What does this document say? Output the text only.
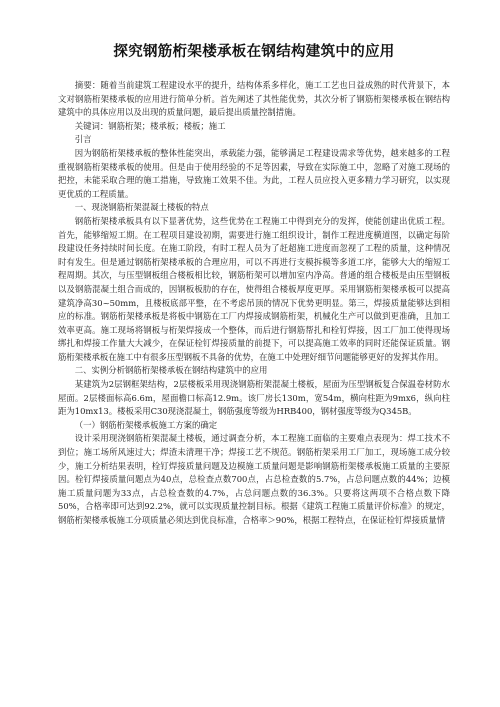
探究钢筋桁架楼承板在钢结构建筑中的应用

摘要：随着当前建筑工程建设水平的提升，结构体系多样化，施工工艺也日益成熟的时代背景下，本文对钢筋桁架楼承板的应用进行简单分析。首先阐述了其性能优势，其次分析了钢筋桁架楼承板在钢结构建筑中的具体应用以及出现的质量问题，最后提出质量控制措施。

关键词：钢筋桁架；楼承板；楼板；施工

引言

因为钢筋桁架楼承板的整体性能突出，承载能力强，能够满足工程建设需求等优势，越来越多的工程重视钢筋桁架楼承板的使用。但是由于使用经验的不足等因素，导致在实际施工中，忽略了对施工现场的把控，未能采取合理的施工措施，导致施工效果不佳。为此，工程人员应投入更多精力学习研究，以实现更优质的工程质量。

一、现浇钢筋桁架混凝土楼板的特点

钢筋桁架楼承板具有以下显著优势，这些优势在工程施工中得到充分的发挥，使能创建出优质工程。首先，能够缩短工期。在工程项目建设初期，需要进行施工组织设计，制作工程进度横道图，以确定每阶段建设任务持续时间长度。在施工阶段，有时工程人员为了赶超施工进度而忽视了工程的质量，这种情况时有发生。但是通过钢筋桁架楼承板的合理应用，可以不再进行支模拆模等多道工序，能够大大的缩短工程周期。其次，与压型钢板组合楼板相比较，钢筋桁架可以增加室内净高。普通的组合楼板是由压型钢板以及钢筋混凝土组合而成的，因钢板板肋的存在，使得组合楼板厚度更厚。采用钢筋桁架楼承板可以提高建筑净高30~50mm，且楼板底部平整，在不考虑吊顶的情况下优势更明显。第三，焊接质量能够达到相应的标准。钢筋桁架楼承板是将板中钢筋在工厂内焊接成钢筋桁架，机械化生产可以做到更准确，且加工效率更高。施工现场将钢板与桁架焊接成一个整体，而后进行钢筋帮扎和栓钉焊接，因工厂加工使得现场绑扎和焊接工作量大大减少，在保证栓钉焊接质量的前提下，可以提高施工效率的同时还能保证质量。钢筋桁架楼承板在施工中有很多压型钢板不具备的优势，在施工中处理好细节问题能够更好的发挥其作用。

二、实例分析钢筋桁架楼承板在钢结构建筑中的应用

某建筑为2层钢框架结构，2层楼板采用现浇钢筋桁架混凝土楼板，屋面为压型钢板复合保温卷材防水屋面。2层楼面标高6.6m，屋面檐口标高12.9m。该厂房长130m，宽54m，横向柱距为9mx6，纵向柱距为10mx13。楼板采用C30现浇混凝土，钢筋强度等级为HRB400，钢材强度等级为Q345B。

（一）钢筋桁架楼承板施工方案的确定

设计采用现浇钢筋桁架混凝土楼板，通过调查分析，本工程施工面临的主要难点表现为：焊工技术不到位；施工场所风速过大；焊渣未清理干净；焊接工艺不规范。钢筋桁架采用工厂加工，现场施工成分较少，施工分析结果表明，栓钉焊接质量问题及边模施工质量问题是影响钢筋桁架楼承板施工质量的主要原因。栓钉焊接质量问题点为40点，总检查点数700点，占总检查数的5.7%，占总问题点数的44%；边模施工质量问题为33点，占总检查数的4.7%，占总问题点数的36.3%。只要将这两项不合格点数下降50%，合格率即可达到92.2%，就可以实现质量控制目标。根据《建筑工程施工质量评价标准》的规定，钢筋桁架楼承板施工分项质量必须达到优良标准，合格率＞90%，根据工程特点，在保证栓钉焊接质量情
